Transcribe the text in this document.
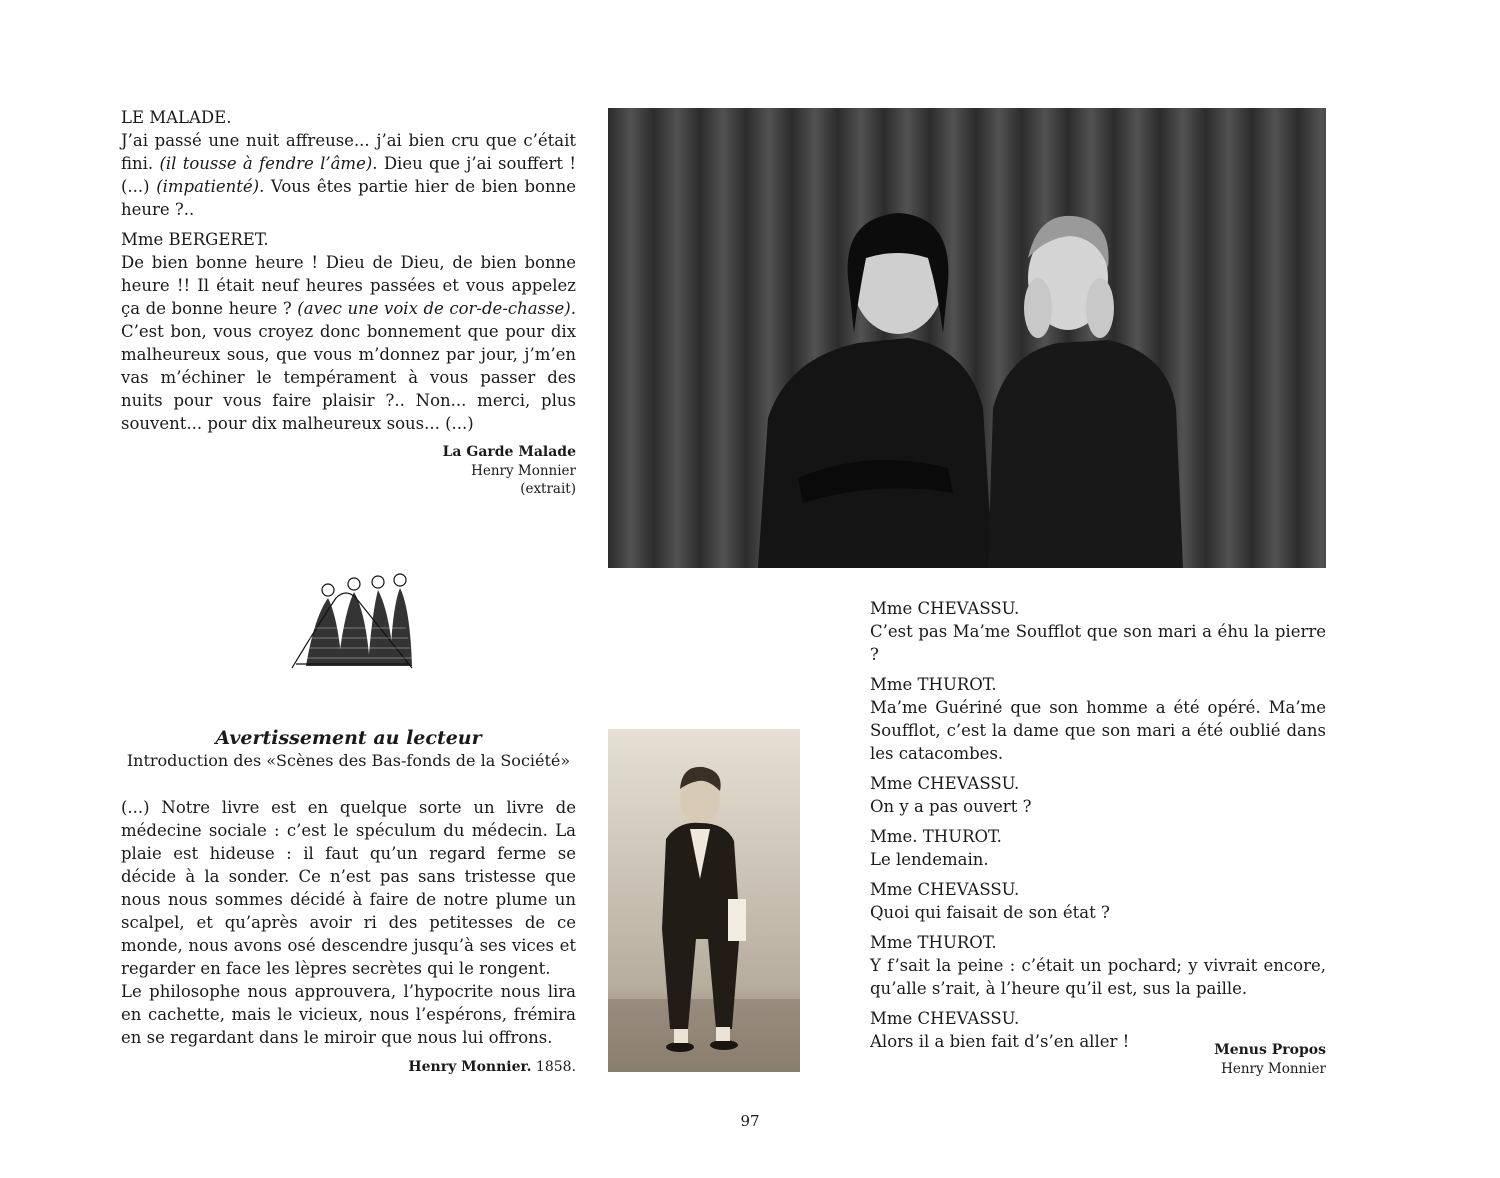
LE MALADE.

J’ai passé une nuit affreuse... j’ai bien cru que c’était fini. (il tousse à fendre l’âme). Dieu que j’ai souffert ! (...) (impatienté). Vous êtes partie hier de bien bonne heure ?..

Mme BERGERET.

De bien bonne heure ! Dieu de Dieu, de bien bonne heure !! Il était neuf heures passées et vous appelez ça de bonne heure ? (avec une voix de cor-de-chasse). C’est bon, vous croyez donc bonnement que pour dix malheureux sous, que vous m’donnez par jour, j’m’en vas m’échiner le tempérament à vous passer des nuits pour vous faire plaisir ?.. Non... merci, plus souvent... pour dix malheureux sous... (...)

La Garde Malade
Henry Monnier
(extrait)
Avertissement au lecteur
Introduction des «Scènes des Bas-fonds de la Société»

(...) Notre livre est en quelque sorte un livre de médecine sociale : c’est le spéculum du médecin. La plaie est hideuse : il faut qu’un regard ferme se décide à la sonder. Ce n’est pas sans tristesse que nous nous sommes décidé à faire de notre plume un scalpel, et qu’après avoir ri des petitesses de ce monde, nous avons osé descendre jusqu’à ses vices et regarder en face les lèpres secrètes qui le rongent.

Le philosophe nous approuvera, l’hypocrite nous lira en cachette, mais le vicieux, nous l’espérons, frémira en se regardant dans le miroir que nous lui offrons.

Henry Monnier. 1858.

Mme CHEVASSU.

C’est pas Ma’me Soufflot que son mari a éhu la pierre ?

Mme THUROT.

Ma’me Guériné que son homme a été opéré. Ma’me Soufflot, c’est la dame que son mari a été oublié dans les catacombes.

Mme CHEVASSU.

On y a pas ouvert ?

Mme. THUROT.

Le lendemain.

Mme CHEVASSU.

Quoi qui faisait de son état ?

Mme THUROT.

Y f’sait la peine : c’était un pochard; y vivrait encore, qu’alle s’rait, à l’heure qu’il est, sus la paille.

Mme CHEVASSU.

Alors il a bien fait d’s’en aller !	Menus Propos
Henry Monnier
97
